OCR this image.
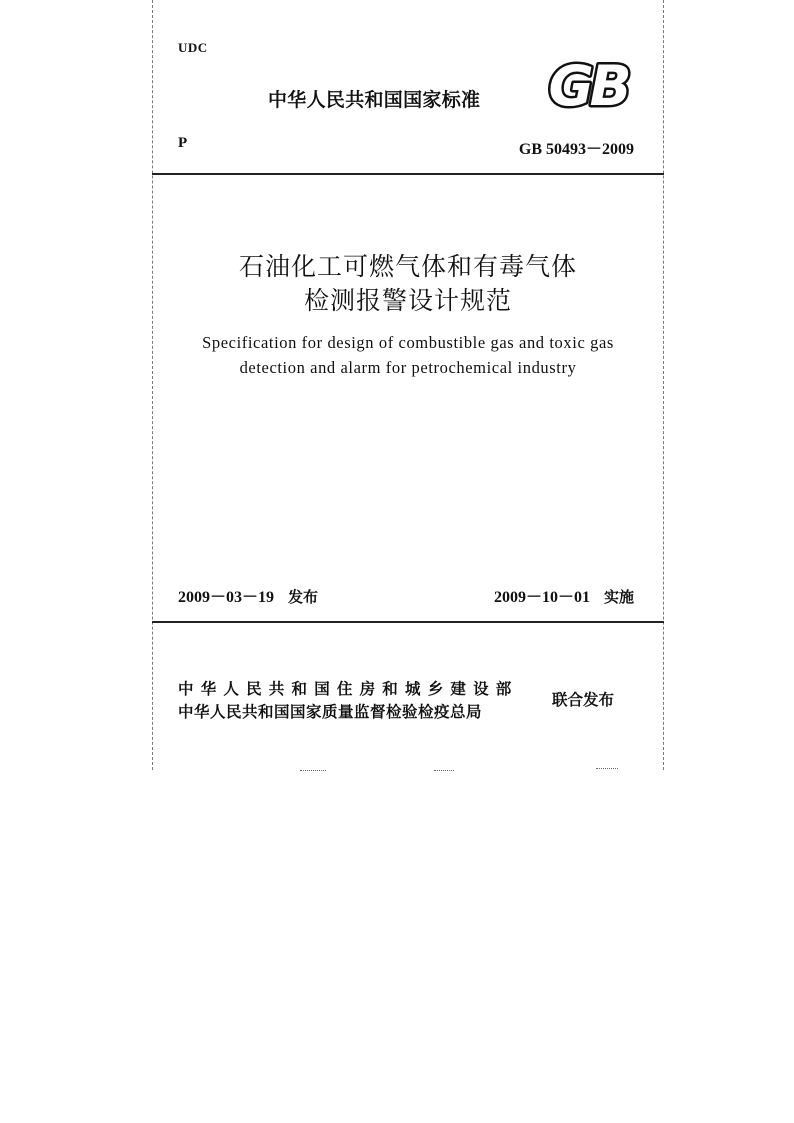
UDC
中华人民共和国国家标准 GB
P	GB 50493－2009
石油化工可燃气体和有毒气体
检测报警设计规范
Specification for design of combustible gas and toxic gas
detection and alarm for petrochemical industry
2009－03－19 发布	2009－10－01 实施
中华人民共和国住房和城乡建设部
中华人民共和国国家质量监督检验检疫总局
联合发布
